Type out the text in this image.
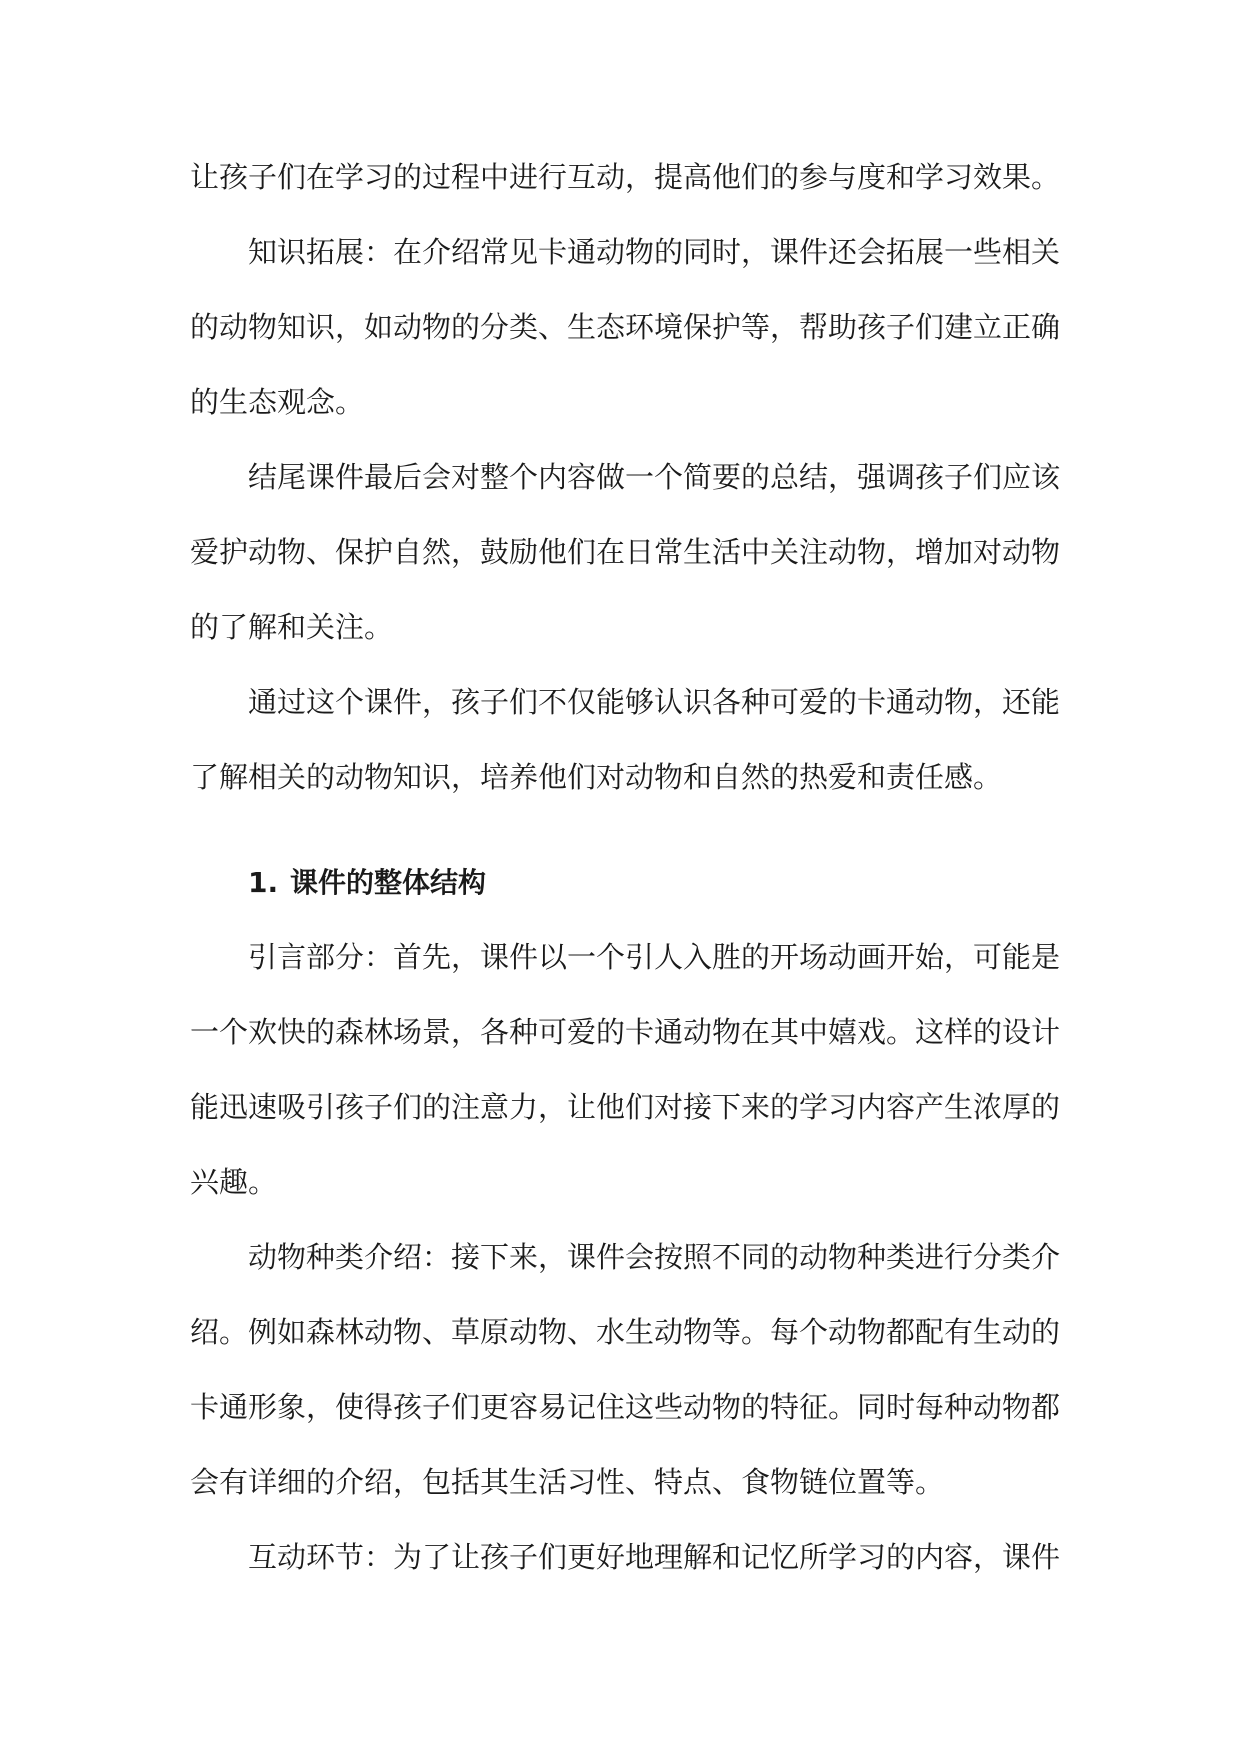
让孩子们在学习的过程中进行互动，提高他们的参与度和学习效果。

知识拓展：在介绍常见卡通动物的同时，课件还会拓展一些相关的动物知识，如动物的分类、生态环境保护等，帮助孩子们建立正确的生态观念。

结尾课件最后会对整个内容做一个简要的总结，强调孩子们应该爱护动物、保护自然，鼓励他们在日常生活中关注动物，增加对动物的了解和关注。

通过这个课件，孩子们不仅能够认识各种可爱的卡通动物，还能了解相关的动物知识，培养他们对动物和自然的热爱和责任感。

1. 课件的整体结构

引言部分：首先，课件以一个引人入胜的开场动画开始，可能是一个欢快的森林场景，各种可爱的卡通动物在其中嬉戏。这样的设计能迅速吸引孩子们的注意力，让他们对接下来的学习内容产生浓厚的兴趣。

动物种类介绍：接下来，课件会按照不同的动物种类进行分类介绍。例如森林动物、草原动物、水生动物等。每个动物都配有生动的卡通形象，使得孩子们更容易记住这些动物的特征。同时每种动物都会有详细的介绍，包括其生活习性、特点、食物链位置等。

互动环节：为了让孩子们更好地理解和记忆所学习的内容，课件
